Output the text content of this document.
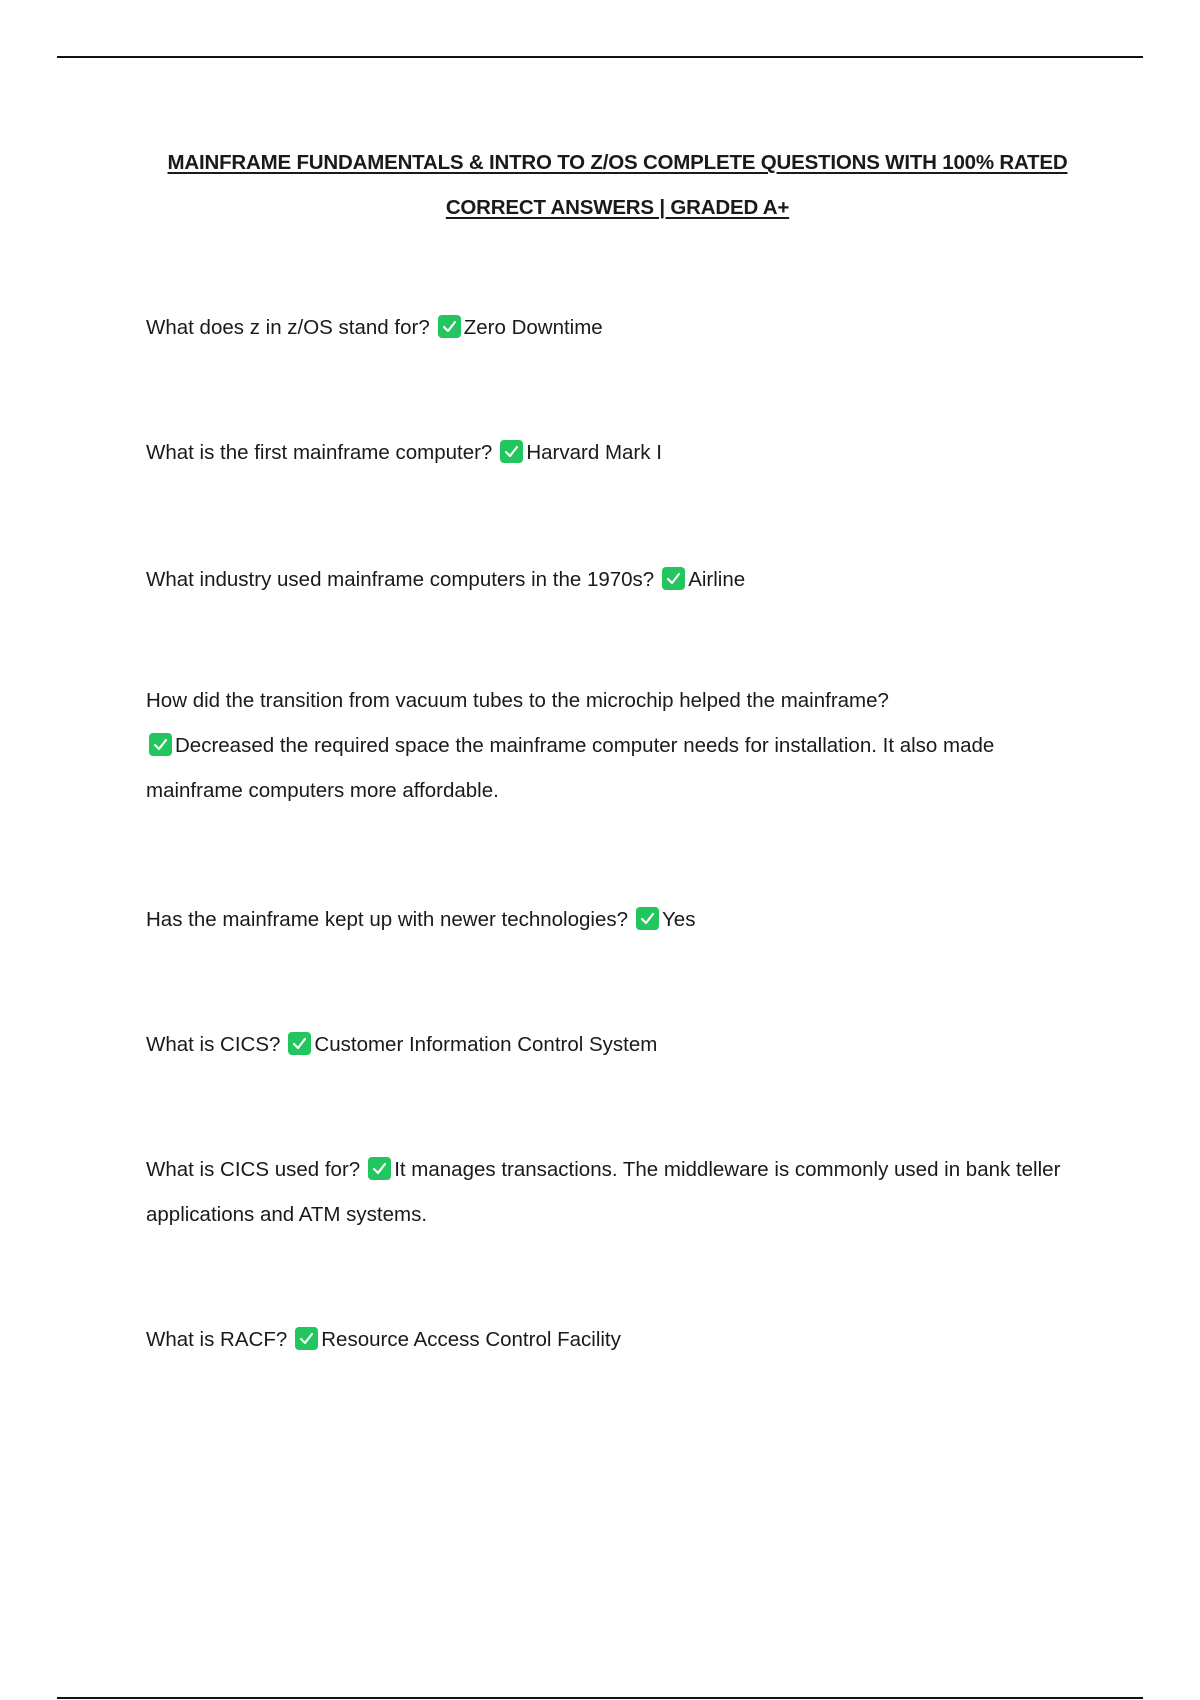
MAINFRAME FUNDAMENTALS & INTRO TO Z/OS COMPLETE QUESTIONS WITH 100% RATED CORRECT ANSWERS | GRADED A+
What does z in z/OS stand for? Zero Downtime
What is the first mainframe computer? Harvard Mark I
What industry used mainframe computers in the 1970s? Airline
How did the transition from vacuum tubes to the microchip helped the mainframe?
Decreased the required space the mainframe computer needs for installation. It also made mainframe computers more affordable.
Has the mainframe kept up with newer technologies? Yes
What is CICS? Customer Information Control System
What is CICS used for? It manages transactions. The middleware is commonly used in bank teller applications and ATM systems.
What is RACF? Resource Access Control Facility
